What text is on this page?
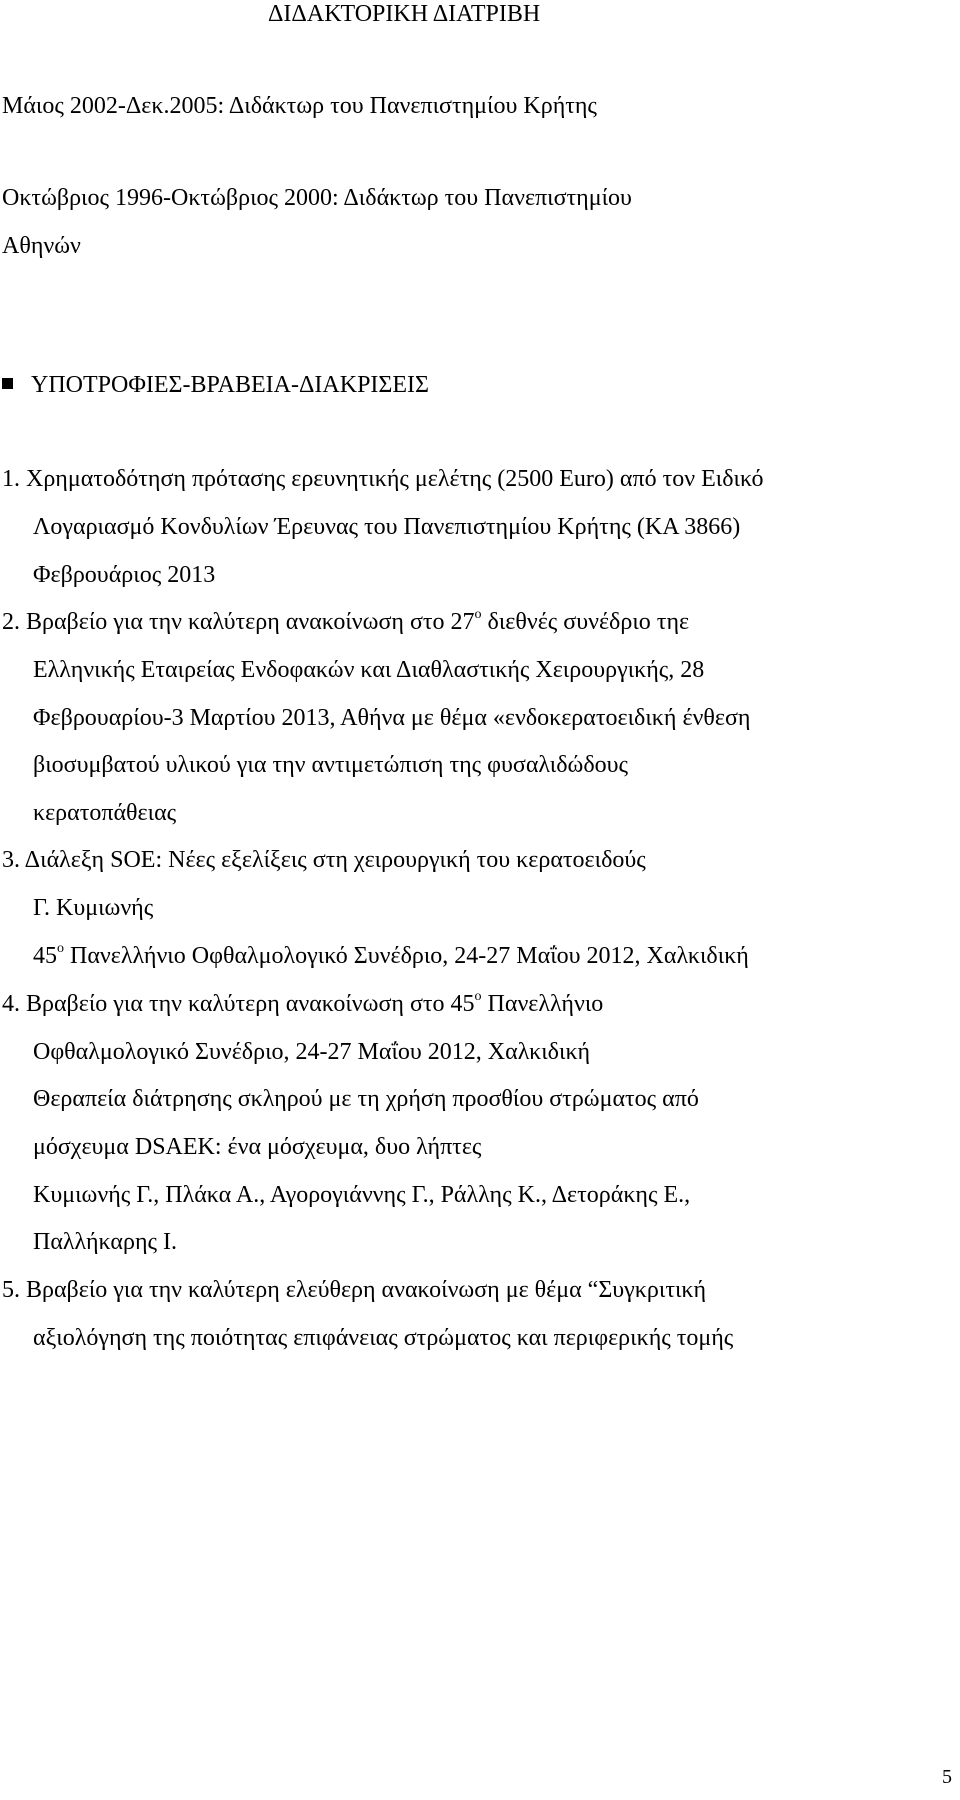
ΔΙΔΑΚΤΟΡΙΚΗ ΔΙΑΤΡΙΒΗ
Μάιος 2002-Δεκ.2005: Διδάκτωρ του Πανεπιστημίου Κρήτης
Οκτώβριος 1996-Οκτώβριος 2000: Διδάκτωρ του Πανεπιστημίου
Αθηνών
ΥΠΟΤΡΟΦΙΕΣ-ΒΡΑΒΕΙΑ-ΔΙΑΚΡΙΣΕΙΣ
1. Χρηματοδότηση πρότασης ερευνητικής μελέτης (2500 Euro) από τον Ειδικό
Λογαριασμό Κονδυλίων Έρευνας του Πανεπιστημίου Κρήτης (ΚΑ 3866)
Φεβρουάριος 2013
2. Βραβείο για την καλύτερη ανακοίνωση στο $27^o$ διεθνές συνέδριο τηε
Ελληνικής Εταιρείας Ενδοφακών και Διαθλαστικής Χειρουργικής, 28
Φεβρουαρίου-3 Μαρτίου 2013, Αθήνα με θέμα «ενδοκερατοειδική ένθεση
βιοσυμβατού υλικού για την αντιμετώπιση της φυσαλιδώδους
κερατοπάθειας
3. Διάλεξη SOE: Νέες εξελίξεις στη χειρουργική του κερατοειδούς
Γ. Κυμιωνής
$45^o$ Πανελλήνιο Οφθαλμολογικό Συνέδριο, 24-27 Μαΐου 2012, Χαλκιδική
4. Βραβείο για την καλύτερη ανακοίνωση στο $45^o$ Πανελλήνιο
Οφθαλμολογικό Συνέδριο, 24-27 Μαΐου 2012, Χαλκιδική
Θεραπεία διάτρησης σκληρού με τη χρήση προσθίου στρώματος από
μόσχευμα DSAEK: ένα μόσχευμα, δυο λήπτες
Κυμιωνής Γ., Πλάκα Α., Αγορογιάννης Γ., Ράλλης Κ., Δετοράκης Ε.,
Παλλήκαρης Ι.
5. Βραβείο για την καλύτερη ελεύθερη ανακοίνωση με θέμα “Συγκριτική
αξιολόγηση της ποιότητας επιφάνειας στρώματος και περιφερικής τομής
5
